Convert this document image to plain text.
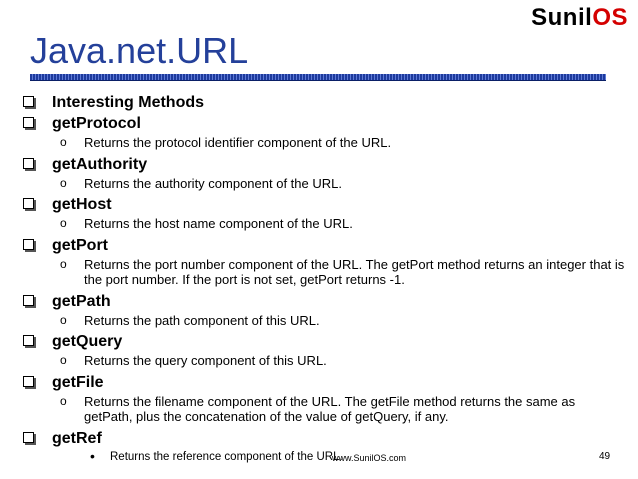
SunilOS
Java.net.URL
Interesting Methods
getProtocol
o Returns the protocol identifier component of the URL.
getAuthority
o Returns the authority component of the URL.
getHost
o Returns the host name component of the URL.
getPort
o Returns the port number component of the URL. The getPort method returns an integer that is the port number. If the port is not set, getPort returns -1.
getPath
o Returns the path component of this URL.
getQuery
o Returns the query component of this URL.
getFile
o Returns the filename component of the URL. The getFile method returns the same as getPath, plus the concatenation of the value of getQuery, if any.
getRef
• Returns the reference component of the URL.
www.SunilOS.com	49
